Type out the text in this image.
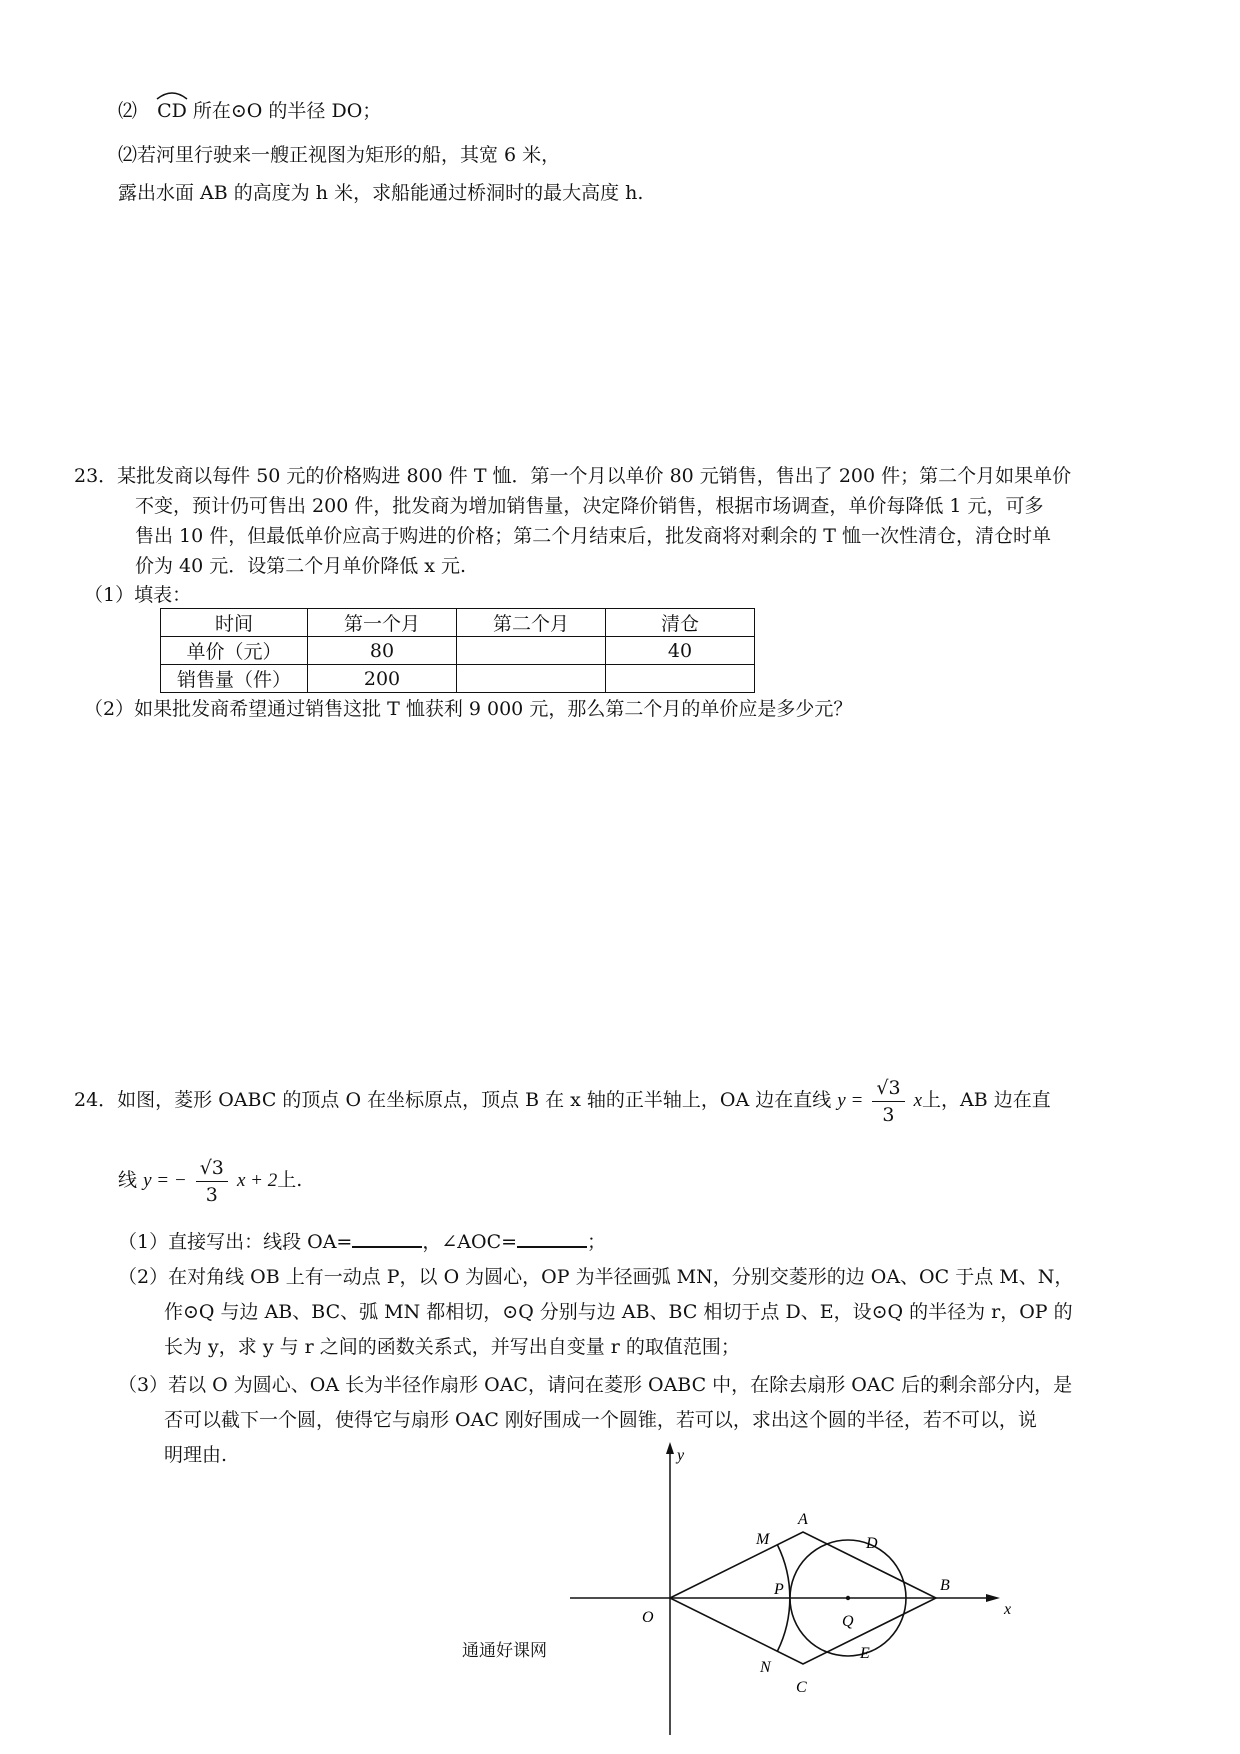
⑵ CD 所在⊙O 的半径 DO；
⑵若河里行驶来一艘正视图为矩形的船，其宽 6 米，
露出水面 AB 的高度为 h 米，求船能通过桥洞时的最大高度 h.
23．某批发商以每件 50 元的价格购进 800 件 T 恤．第一个月以单价 80 元销售，售出了 200 件；第二个月如果单价
不变，预计仍可售出 200 件，批发商为增加销售量，决定降价销售，根据市场调查，单价每降低 1 元，可多
售出 10 件，但最低单价应高于购进的价格；第二个月结束后，批发商将对剩余的 T 恤一次性清仓，清仓时单
价为 40 元．设第二个月单价降低 x 元.
（1）填表：
时间	第一个月	第二个月	清仓
单价（元）	80		40
销售量（件）	200		
（2）如果批发商希望通过销售这批 T 恤获利 9 000 元，那么第二个月的单价应是多少元？
24．如图，菱形 OABC 的顶点 O 在坐标原点，顶点 B 在 x 轴的正半轴上，OA 边在直线 $y = \frac{√3}{3}$ x上，AB 边在直
线 y = − $\frac{√3}{3}$ x + 2上.
（1）直接写出：线段 OA=	，∠AOC=	；
（2）在对角线 OB 上有一动点 P，以 O 为圆心，OP 为半径画弧 MN，分别交菱形的边 OA、OC 于点 M、N，
作⊙Q 与边 AB、BC、弧 MN 都相切，⊙Q 分别与边 AB、BC 相切于点 D、E，设⊙Q 的半径为 r，OP 的
长为 y，求 y 与 r 之间的函数关系式，并写出自变量 r 的取值范围；
（3）若以 O 为圆心、OA 长为半径作扇形 OAC，请问在菱形 OABC 中，在除去扇形 OAC 后的剩余部分内，是
否可以截下一个圆，使得它与扇形 OAC 刚好围成一个圆锥，若可以，求出这个圆的半径，若不可以，说
明理由.	y
x
O
M
A
D
B
P
Q
N
E
C
通通好课网
